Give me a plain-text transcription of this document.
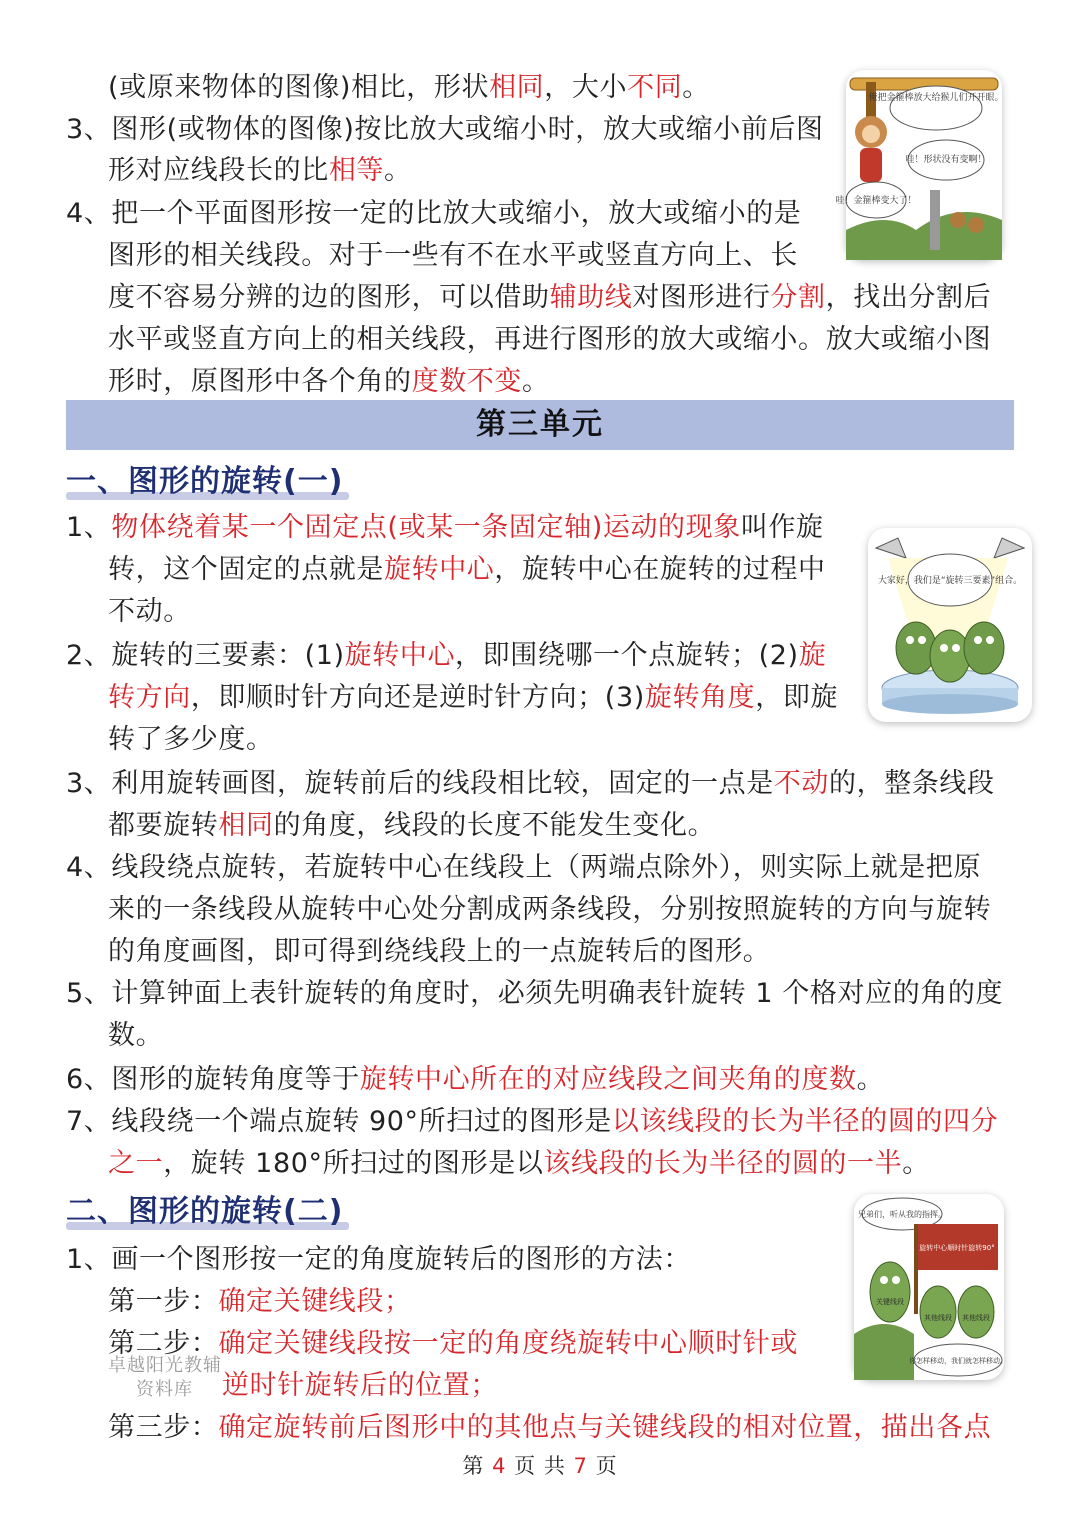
(或原来物体的图像)相比，形状相同，大小不同。
3、图形(或物体的图像)按比放大或缩小时，放大或缩小前后图
形对应线段长的比相等。
4、把一个平面图形按一定的比放大或缩小，放大或缩小的是
图形的相关线段。对于一些有不在水平或竖直方向上、长
度不容易分辨的边的图形，可以借助辅助线对图形进行分割，找出分割后
水平或竖直方向上的相关线段，再进行图形的放大或缩小。放大或缩小图
形时，原图形中各个角的度数不变。
俺把金箍棒放大给猴儿们开开眼。
哇！形状没有变啊！
哇！金箍棒变大了！
第三单元
一、图形的旋转(一)
1、物体绕着某一个固定点(或某一条固定轴)运动的现象叫作旋
转，这个固定的点就是旋转中心，旋转中心在旋转的过程中
不动。
2、旋转的三要素：(1)旋转中心，即围绕哪一个点旋转；(2)旋
转方向，即顺时针方向还是逆时针方向；(3)旋转角度，即旋
转了多少度。
大家好，我们是“旋转三要素”组合。
3、利用旋转画图，旋转前后的线段相比较，固定的一点是不动的，整条线段
都要旋转相同的角度，线段的长度不能发生变化。
4、线段绕点旋转，若旋转中心在线段上（两端点除外），则实际上就是把原
来的一条线段从旋转中心处分割成两条线段，分别按照旋转的方向与旋转
的角度画图，即可得到绕线段上的一点旋转后的图形。
5、计算钟面上表针旋转的角度时，必须先明确表针旋转 1 个格对应的角的度
数。
6、图形的旋转角度等于旋转中心所在的对应线段之间夹角的度数。
7、线段绕一个端点旋转 90°所扫过的图形是以该线段的长为半径的圆的四分
之一，旋转 180°所扫过的图形是以该线段的长为半径的圆的一半。
二、图形的旋转(二)
1、画一个图形按一定的角度旋转后的图形的方法：
第一步：确定关键线段；
第二步：确定关键线段按一定的角度绕旋转中心顺时针或
逆时针旋转后的位置；
第三步：确定旋转前后图形中的其他点与关键线段的相对位置，描出各点
卓越阳光教辅
资料库
兄弟们，听从我的指挥。
旋转中心顺时针旋转90°
关键线段
其他线段 其他线段
你怎样移动，我们就怎样移动。
第 4 页 共 7 页
